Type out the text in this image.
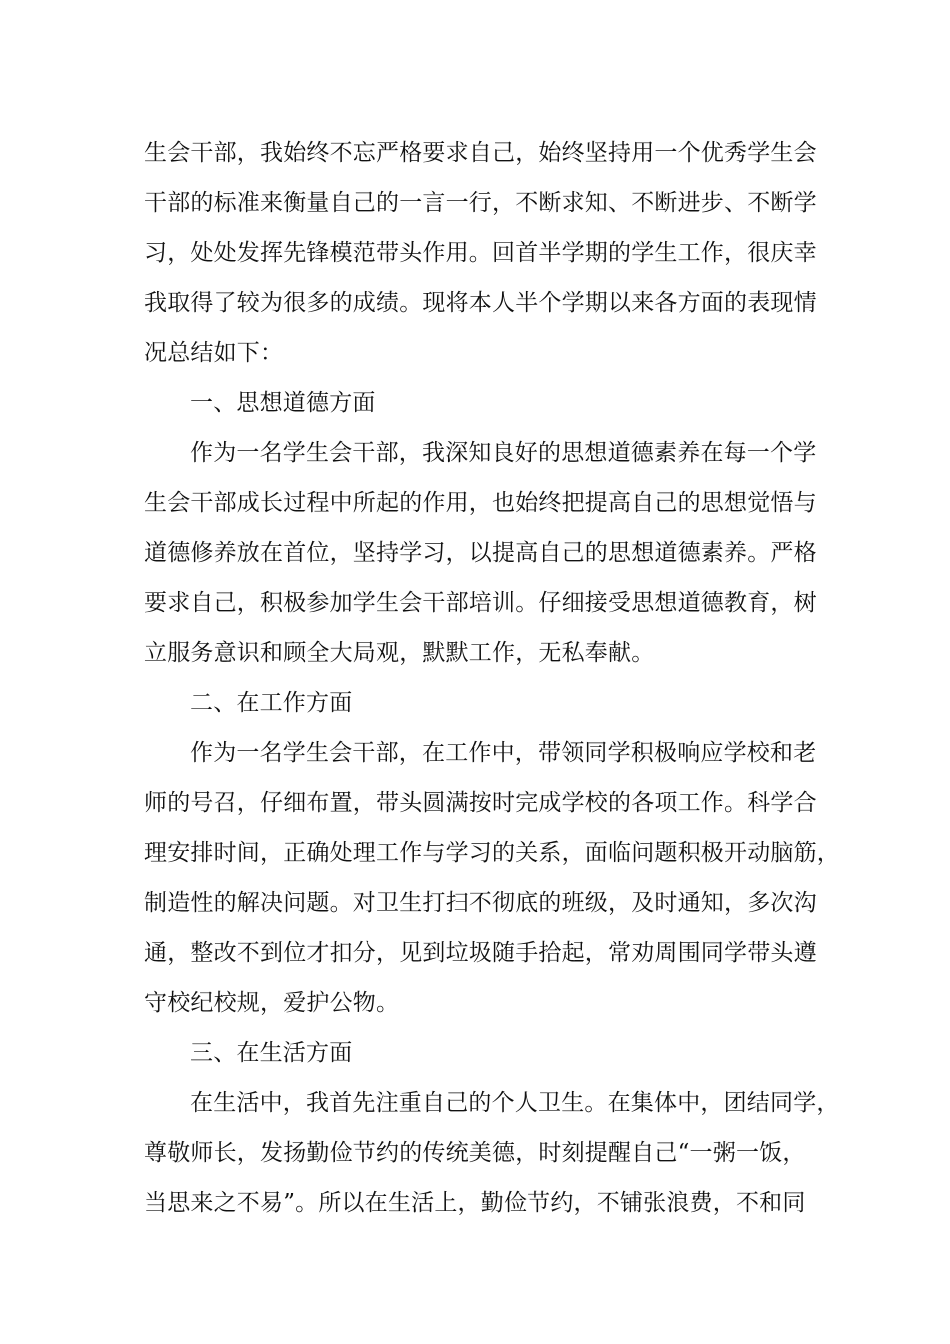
生会干部，我始终不忘严格要求自己，始终坚持用一个优秀学生会
干部的标准来衡量自己的一言一行，不断求知、不断进步、不断学
习，处处发挥先锋模范带头作用。回首半学期的学生工作，很庆幸
我取得了较为很多的成绩。现将本人半个学期以来各方面的表现情
况总结如下：
一、思想道德方面
作为一名学生会干部，我深知良好的思想道德素养在每一个学
生会干部成长过程中所起的作用，也始终把提高自己的思想觉悟与
道德修养放在首位，坚持学习，以提高自己的思想道德素养。严格
要求自己，积极参加学生会干部培训。仔细接受思想道德教育，树
立服务意识和顾全大局观，默默工作，无私奉献。
二、在工作方面
作为一名学生会干部，在工作中，带领同学积极响应学校和老
师的号召，仔细布置，带头圆满按时完成学校的各项工作。科学合
理安排时间，正确处理工作与学习的关系，面临问题积极开动脑筋，
制造性的解决问题。对卫生打扫不彻底的班级，及时通知，多次沟
通，整改不到位才扣分，见到垃圾随手拾起，常劝周围同学带头遵
守校纪校规，爱护公物。
三、在生活方面
在生活中，我首先注重自己的个人卫生。在集体中，团结同学，
尊敬师长，发扬勤俭节约的传统美德，时刻提醒自己“一粥一饭，
当思来之不易”。所以在生活上，勤俭节约，不铺张浪费，不和同
